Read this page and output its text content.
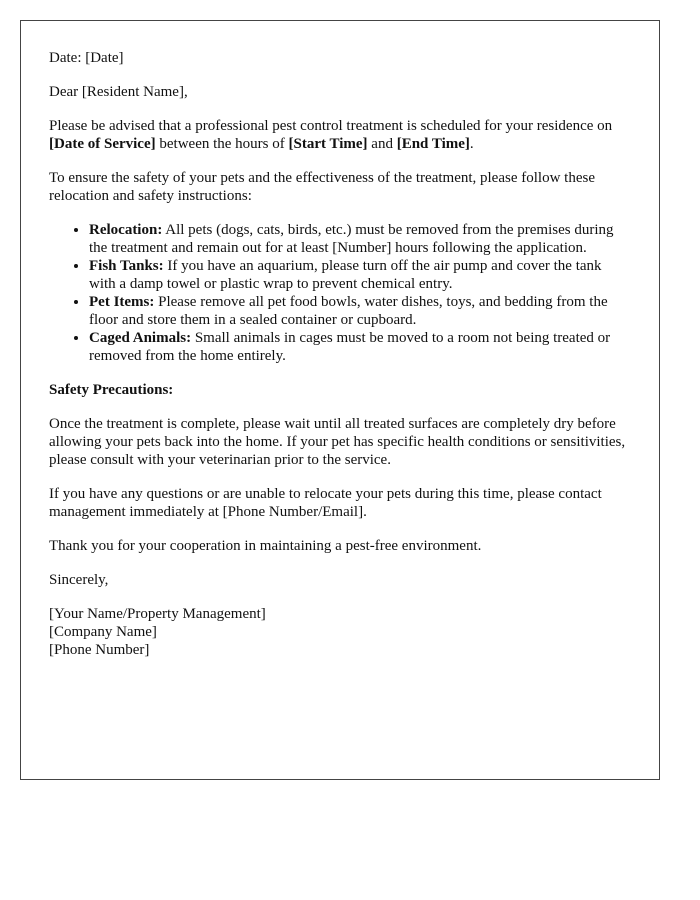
Date: [Date]

Dear [Resident Name],

Please be advised that a professional pest control treatment is scheduled for your residence on [Date of Service] between the hours of [Start Time] and [End Time].

To ensure the safety of your pets and the effectiveness of the treatment, please follow these relocation and safety instructions:

• Relocation: All pets (dogs, cats, birds, etc.) must be removed from the premises during the treatment and remain out for at least [Number] hours following the application.
• Fish Tanks: If you have an aquarium, please turn off the air pump and cover the tank with a damp towel or plastic wrap to prevent chemical entry.
• Pet Items: Please remove all pet food bowls, water dishes, toys, and bedding from the floor and store them in a sealed container or cupboard.
• Caged Animals: Small animals in cages must be moved to a room not being treated or removed from the home entirely.

Safety Precautions:

Once the treatment is complete, please wait until all treated surfaces are completely dry before allowing your pets back into the home. If your pet has specific health conditions or sensitivities, please consult with your veterinarian prior to the service.

If you have any questions or are unable to relocate your pets during this time, please contact management immediately at [Phone Number/Email].

Thank you for your cooperation in maintaining a pest-free environment.

Sincerely,

[Your Name/Property Management]
[Company Name]
[Phone Number]
